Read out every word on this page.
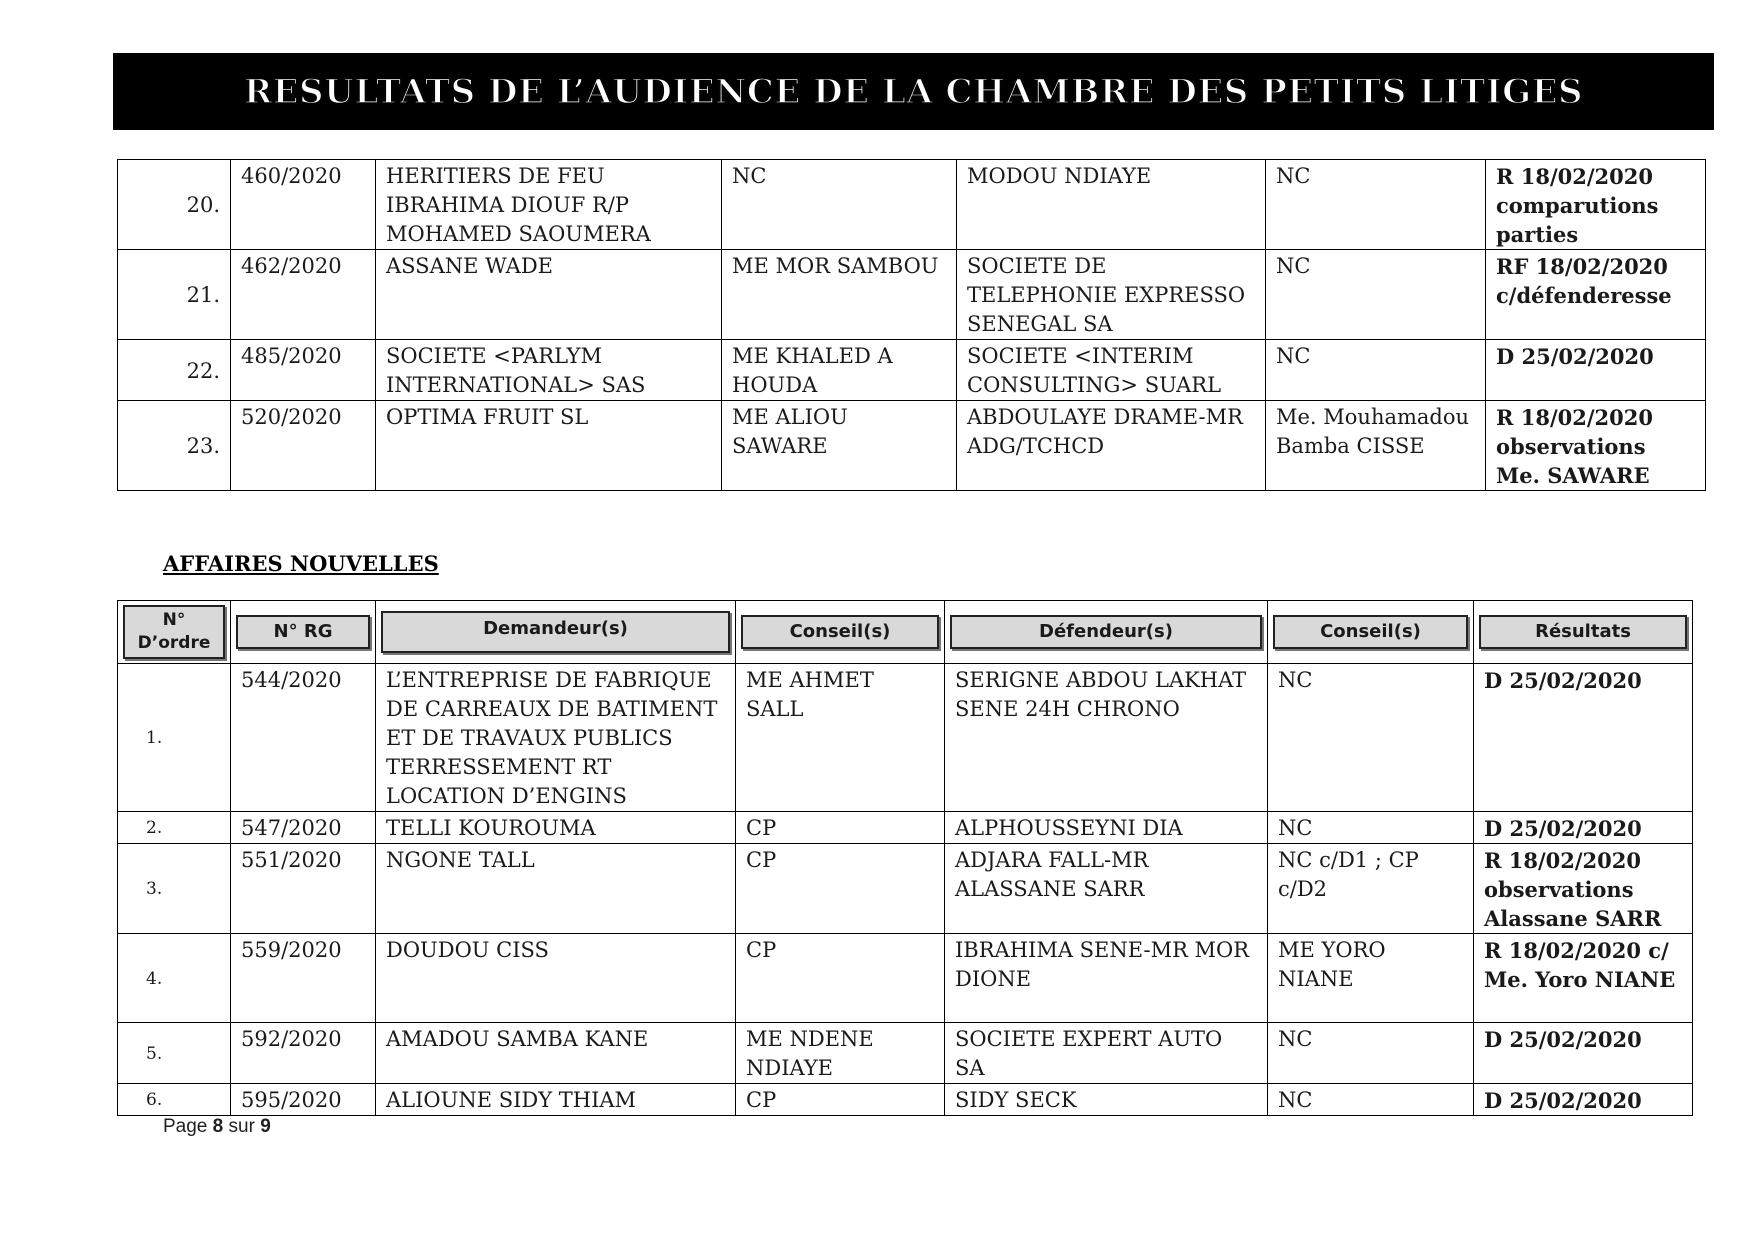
RESULTATS DE L’AUDIENCE DE LA CHAMBRE DES PETITS LITIGES
20.	460/2020	HERITIERS DE FEU IBRAHIMA DIOUF R/P MOHAMED SAOUMERA	NC	MODOU NDIAYE	NC	R 18/02/2020 comparutions parties
21.	462/2020	ASSANE WADE	ME MOR SAMBOU	SOCIETE DE TELEPHONIE EXPRESSO SENEGAL SA	NC	RF 18/02/2020 c/défenderesse
22.	485/2020	SOCIETE <PARLYM INTERNATIONAL> SAS	ME KHALED A HOUDA	SOCIETE <INTERIM CONSULTING> SUARL	NC	D 25/02/2020
23.	520/2020	OPTIMA FRUIT SL	ME ALIOU SAWARE	ABDOULAYE DRAME-MR ADG/TCHCD	Me. Mouhamadou Bamba CISSE	R 18/02/2020 observations Me. SAWARE
AFFAIRES NOUVELLES
N° D’ordre	N° RG	Demandeur(s)	Conseil(s)	Défendeur(s)	Conseil(s)	Résultats

1.	544/2020	L’ENTREPRISE DE FABRIQUE DE CARREAUX DE BATIMENT ET DE TRAVAUX PUBLICS TERRESSEMENT RT LOCATION D’ENGINS	ME AHMET SALL	SERIGNE ABDOU LAKHAT SENE 24H CHRONO	NC	D 25/02/2020
2.	547/2020	TELLI KOUROUMA	CP	ALPHOUSSEYNI DIA	NC	D 25/02/2020
3.	551/2020	NGONE TALL	CP	ADJARA FALL-MR ALASSANE SARR	NC c/D1 ; CP c/D2	R 18/02/2020 observations Alassane SARR
4.	559/2020	DOUDOU CISS	CP	IBRAHIMA SENE-MR MOR DIONE	ME YORO NIANE	R 18/02/2020 c/ Me. Yoro NIANE
5.	592/2020	AMADOU SAMBA KANE	ME NDENE NDIAYE	SOCIETE EXPERT AUTO SA	NC	D 25/02/2020
6.	595/2020	ALIOUNE SIDY THIAM	CP	SIDY SECK	NC	D 25/02/2020
Page 8 sur 9
